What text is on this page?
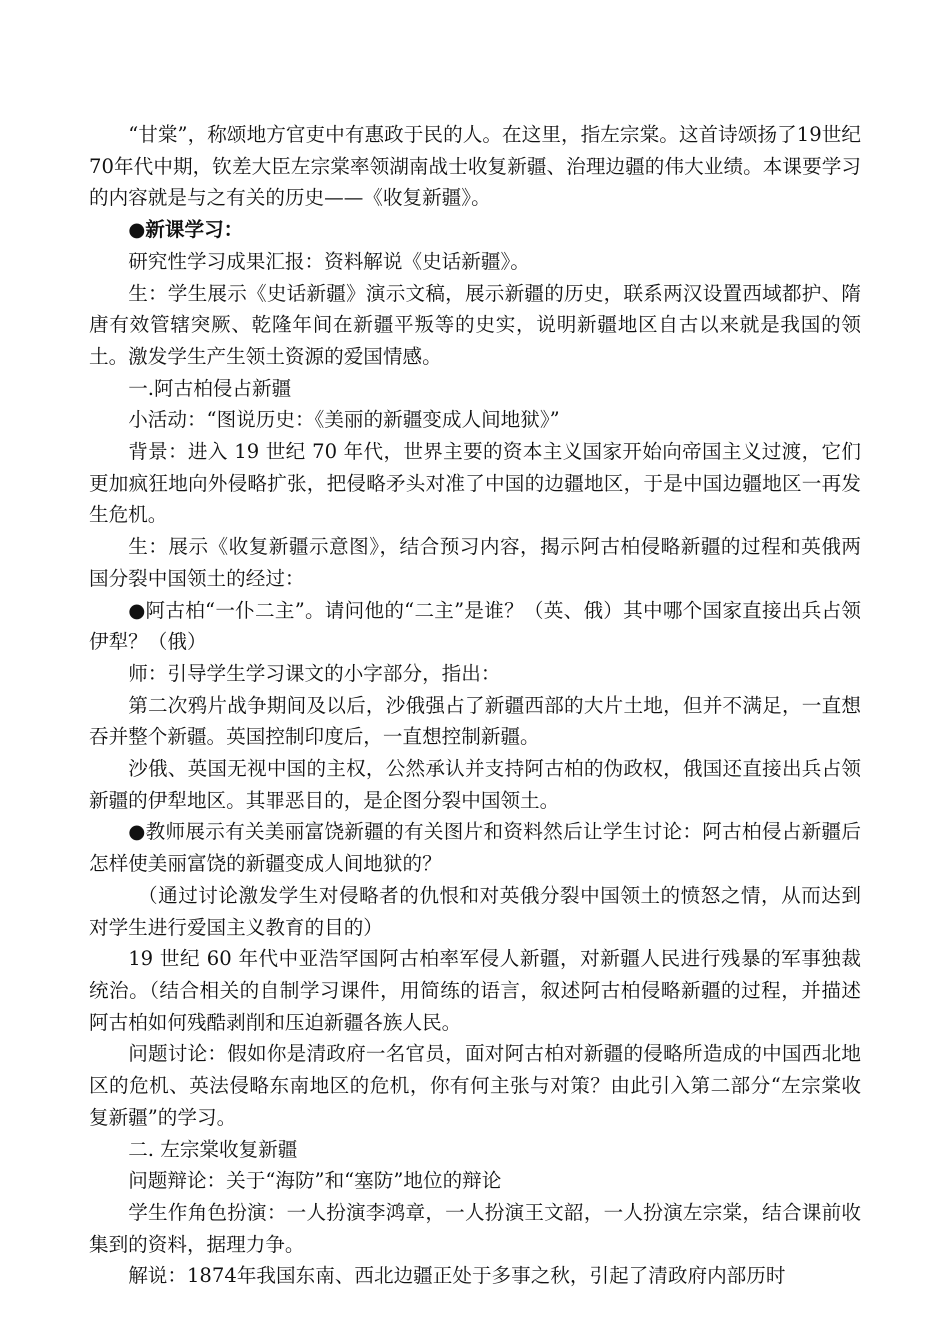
“甘棠”，称颂地方官吏中有惠政于民的人。在这里，指左宗棠。这首诗颂扬了19世纪70年代中期，钦差大臣左宗棠率领湖南战士收复新疆、治理边疆的伟大业绩。本课要学习的内容就是与之有关的历史——《收复新疆》。

●新课学习：

研究性学习成果汇报：资料解说《史话新疆》。

生：学生展示《史话新疆》演示文稿，展示新疆的历史，联系两汉设置西域都护、隋唐有效管辖突厥、乾隆年间在新疆平叛等的史实，说明新疆地区自古以来就是我国的领土。激发学生产生领土资源的爱国情感。

一.阿古柏侵占新疆

小活动：“图说历史：《美丽的新疆变成人间地狱》”

背景：进入 19 世纪 70 年代，世界主要的资本主义国家开始向帝国主义过渡，它们更加疯狂地向外侵略扩张，把侵略矛头对准了中国的边疆地区，于是中国边疆地区一再发生危机。

生：展示《收复新疆示意图》，结合预习内容，揭示阿古柏侵略新疆的过程和英俄两国分裂中国领土的经过：

●阿古柏“一仆二主”。请问他的“二主”是谁？（英、俄）其中哪个国家直接出兵占领伊犁？（俄）

师：引导学生学习课文的小字部分，指出：

第二次鸦片战争期间及以后，沙俄强占了新疆西部的大片土地，但并不满足，一直想吞并整个新疆。英国控制印度后，一直想控制新疆。

沙俄、英国无视中国的主权，公然承认并支持阿古柏的伪政权，俄国还直接出兵占领新疆的伊犁地区。其罪恶目的，是企图分裂中国领土。

●教师展示有关美丽富饶新疆的有关图片和资料然后让学生讨论：阿古柏侵占新疆后怎样使美丽富饶的新疆变成人间地狱的？

（通过讨论激发学生对侵略者的仇恨和对英俄分裂中国领土的愤怒之情，从而达到对学生进行爱国主义教育的目的）

19 世纪 60 年代中亚浩罕国阿古柏率军侵人新疆，对新疆人民进行残暴的军事独裁统治。（结合相关的自制学习课件，用简练的语言，叙述阿古柏侵略新疆的过程，并描述阿古柏如何残酷剥削和压迫新疆各族人民。

问题讨论：假如你是清政府一名官员，面对阿古柏对新疆的侵略所造成的中国西北地区的危机、英法侵略东南地区的危机，你有何主张与对策？由此引入第二部分“左宗棠收复新疆”的学习。

二. 左宗棠收复新疆

问题辩论：关于“海防”和“塞防”地位的辩论

学生作角色扮演：一人扮演李鸿章，一人扮演王文韶，一人扮演左宗棠，结合课前收集到的资料，据理力争。

解说：1874年我国东南、西北边疆正处于多事之秋，引起了清政府内部历时
